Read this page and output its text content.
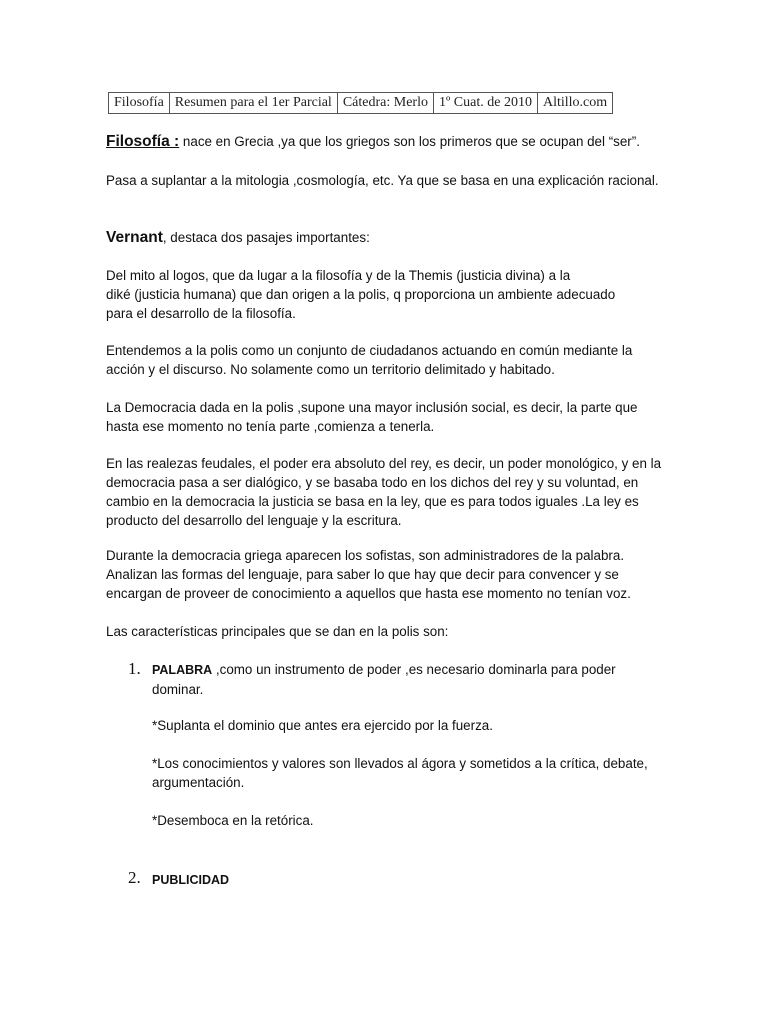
Filosofía	Resumen para el 1er Parcial	Cátedra: Merlo	1º Cuat. de 2010	Altillo.com
Filosofía : nace en Grecia ,ya que los griegos son los primeros que se ocupan del “ser”.
Pasa a suplantar a la mitologia ,cosmología, etc. Ya que se basa en una explicación racional.
Vernant, destaca dos pasajes importantes:
Del mito al logos, que da lugar a la filosofía y de la Themis (justicia divina) a la
diké (justicia humana) que dan origen a la polis, q proporciona un ambiente adecuado
para el desarrollo de la filosofía.
Entendemos a la polis como un conjunto de ciudadanos actuando en común mediante la acción y el discurso. No solamente como un territorio delimitado y habitado.
La Democracia dada en la polis ,supone una mayor inclusión social, es decir, la parte que hasta ese momento no tenía parte ,comienza a tenerla.
En las realezas feudales, el poder era absoluto del rey, es decir, un poder monológico, y en la democracia pasa a ser dialógico, y se basaba todo en los dichos del rey y su voluntad, en cambio en la democracia la justicia se basa en la ley, que es para todos iguales .La ley es producto del desarrollo del lenguaje y la escritura.
Durante la democracia griega aparecen los sofistas, son administradores de la palabra. Analizan las formas del lenguaje, para saber lo que hay que decir para convencer y se encargan de proveer de conocimiento a aquellos que hasta ese momento no tenían voz.
Las características principales que se dan en la polis son:
1. PALABRA ,como un instrumento de poder ,es necesario dominarla para poder dominar.
*Suplanta el dominio que antes era ejercido por la fuerza.
*Los conocimientos y valores son llevados al ágora y sometidos a la crítica, debate, argumentación.
*Desemboca en la retórica.
2. PUBLICIDAD
